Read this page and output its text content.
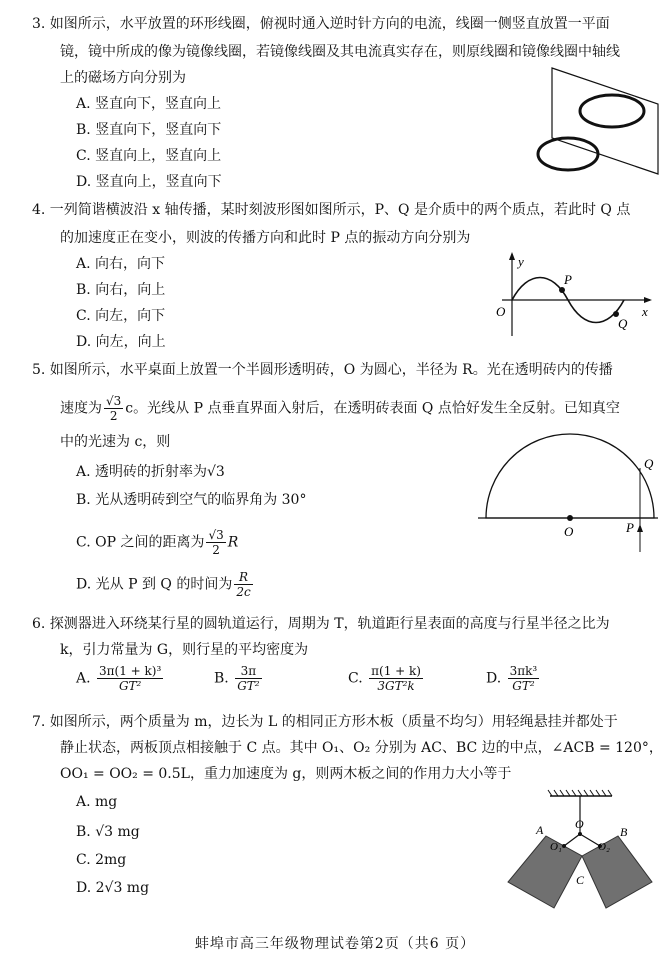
3. 如图所示，水平放置的环形线圈，俯视时通入逆时针方向的电流，线圈一侧竖直放置一平面
镜，镜中所成的像为镜像线圈，若镜像线圈及其电流真实存在，则原线圈和镜像线圈中轴线
上的磁场方向分别为
A. 竖直向下，竖直向上
B. 竖直向下，竖直向下
C. 竖直向上，竖直向上
D. 竖直向上，竖直向下
4. 一列简谐横波沿 x 轴传播，某时刻波形图如图所示，P、Q 是介质中的两个质点，若此时 Q 点
的加速度正在变小，则波的传播方向和此时 P 点的振动方向分别为
A. 向右，向下
B. 向右，向上
C. 向左，向下
D. 向左，向上
y
O
P
Q
x
5. 如图所示，水平桌面上放置一个半圆形透明砖，O 为圆心，半径为 R。光在透明砖内的传播
速度为 $\frac{√3}{2}$ c。光线从 P 点垂直界面入射后，在透明砖表面 Q 点恰好发生全反射。已知真空
中的光速为 c，则
A. 透明砖的折射率为√3
B. 光从透明砖到空气的临界角为 30°
C. OP 之间的距离为 $\frac{√3}{2}$ R
D. 光从 P 到 Q 的时间为 $\frac{R}{2c}$
O	P
Q
6. 探测器进入环绕某行星的圆轨道运行，周期为 T，轨道距行星表面的高度与行星半径之比为
k，引力常量为 G，则行星的平均密度为
A. $\frac{\text{3π(1 + k)³}}{\text{GT²}}$	B. $\frac{3\pi}{\text{GT²}}$	C. $\frac{\pi(1 + k)}{\text{3GT²k}}$	D. $\frac{\text{3πk³}}{\text{GT²}}$
7. 如图所示，两个质量为 m，边长为 L 的相同正方形木板（质量不均匀）用轻绳悬挂并都处于
静止状态，两板顶点相接触于 C 点。其中 O₁、O₂ 分别为 AC、BC 边的中点，∠ACB = 120°，
OO₁ = OO₂ = 0.5L，重力加速度为 g，则两木板之间的作用力大小等于
A. mg
B. √3 mg
C. 2mg
D. 2√3 mg
A	B
O
O₁	O₂
C
蚌埠市高三年级物理试卷第2页（共6 页）
